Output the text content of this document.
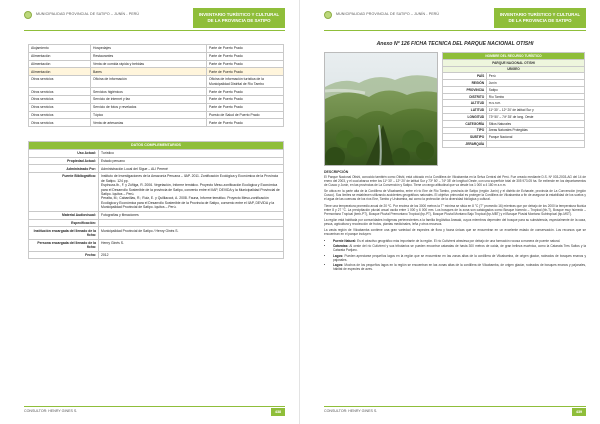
MUNICIPALIDAD PROVINCIAL DE SATIPO – JUNÍN - PERÚ	INVENTARIO TURÍSTICO Y CULTURAL
DE LA PROVINCIA DE SATIPO
Alojamiento	Hospedajes	Parte de Puerto Prado
Alimentación	Restaurantes	Parte de Puerto Prado
Alimentación	Venta de comida rápida y bebidas	Parte de Puerto Prado
Alimentación	Bares	Parte de Puerto Prado
Otros servicios	Oficina de información	Oficina de información turística de la Municipalidad Distrital de Río Tambo
Otros servicios	Servicios higiénicos	Parte de Puerto Prado
Otros servicios	Servicio de internet y fax	Parte de Puerto Prado
Otros servicios	Servicio de fotos y revelados	Parte de Puerto Prado
Otros servicios	Tópico	Puesto de Salud de Puerto Prado
Otros servicios	Venta de artesanías	Parte de Puerto Prado
DATOS COMPLEMENTARIOS	
Uso Actual:	Turístico
Propiedad Actual:	Estado peruano
Administrado Por:	Administración Local del Sigue – ALI Perené
Fuente Bibliográfica:	Instituto de Investigaciones de la Amazonía Peruana – IIAP. 2011. Zonificación Ecológica y Económica de la Provincia de Satipo. 124 pp.
Espinoza-Ib., F. y Zúñiga, R. 2006. Vegetación, Informe temático. Proyecto Meso-zonificación Ecológica y Económica para el Desarrollo Sostenible de la provincia de Satipo, convenio entre el IIAP, DEVIDA y la Municipalidad Provincial de Satipo. Iquitos – Perú.
Peralta, M.; Cabanillas, R.; Ruiz, E. y Quilliaccot, A. 2008. Fauna, Informe temático. Proyecto Meso-zonificación Ecológica y Económica para el Desarrollo Sostenible de la Provincia de Satipo, convenio entre el IIAP, DEVIDA y la Municipalidad Provincial de Satipo. Iquitos – Perú.
Material Audiovisual:	Fotografías y filmaciones
Especificación:	
Institución encargada del llenado de la ficha:	Municipalidad Provincial de Satipo / Henry Ginés S.
Persona encargada del llenado de la ficha:	Henry Ginés S.
Fecha:	2012
CONSULTOR: HENRY GINES S.	438
MUNICIPALIDAD PROVINCIAL DE SATIPO – JUNÍN - PERÚ	INVENTARIO TURÍSTICO Y CULTURAL
DE LA PROVINCIA DE SATIPO
Anexo Nº 126 FICHA TECNICA DEL PARQUE NACIONAL OTISHI
NOMBRE DEL RECURSO TURÍSTICO	
PARQUE NACIONAL OTISHI	
UBIGEO	
PAÍS	Perú
REGIÓN	Junín
PROVINCIA	Satipo
DISTRITO	Río Tambo
ALTITUD	m.s.n.m.
LATITUD	11º 30' – 12º 20' de latitud Sur y
LONGITUD	73º 50' – 74º 35' de long. Oeste
CATEGORÍA	Sitios Naturales
TIPO	Áreas Naturales Protegidas
SUBTIPO	Parque Nacional
JERARQUÍA	
DESCRIPCIÓN

El Parque Nacional Otishi, conocido también como Otishi, está ubicado en la Cordillera de Vilcabamba en la Selva Central del Perú. Fue creado mediante D.S. Nº 003-2003-AG del 14 de enero del 2003, y el cual abarca entre los 11º 30' – 12º 20' de latitud Sur y 73º 50' – 74º 35' de longitud Oeste, con una superficie total de 305 973.05 ha. Se extiende en los departamentos de Cusco y Junín, en las provincias de La Convención y Satipo. Tiene un rango altitudinal que va desde los 1 000 a 4 180 m.s.n.m.

Se ubica en la parte alta de la Cordillera de Vilcabamba, entre el río Ene de Río Tambo, provincia de Satipo (región Junín) y el distrito de Echarate, provincia de La Convención (región Cusco). Sus límites se establecen utilizando accidentes geográficos naturales. El objetivo primordial es proteger la Cordillera de Vilcabamba a fin de asegurar la estabilidad de los suelos y el agua de las cuencas de los ríos Ene, Tambo y Urubamba, así como la protección de la diversidad biológica y cultural.

Tiene una temperatura promedio anual de 20 ºC. Por encima de los 3000 metros la T° mínima se sitúa en 8 °C (T° promedio 16) mientras que por debajo de los 2000 la temperatura fluctúa entre 8 y 27 °C. La precipitación pluvial anual oscila entre 1 000 y 6 000 mm. Los bosques de la zona son catalogados como Bosque húmedo – Tropical (bh-T), Bosque muy húmedo – Premontano Tropical (bmh-PT), Bosque Pluvial Premontano Tropical (bp-PT), Bosque Pluvial Montano Bajo Tropical (bp-MBT) y el Bosque Pluvial Montano Subtropical (bp-MST).

La región está habitada por comunidades indígenas pertenecientes a la familia lingüística Arawak, cuyos miembros dependen del bosque para su subsistencia, especialmente de la caza, pesca, agricultura y recolección de frutos, plantas medicinales, leña y otros recursos.

La vasta región de Vilcabamba contiene una gran variedad de especies de flora y fauna únicas que se encuentran en un excelente estado de conservación. Los recursos que se encuentran en el parque incluyen:

• Puente Natural: Es el atractivo geográfico más importante de la región. El río Cutivireni atraviesa por debajo de una formación rocosa a manera de puente natural.
• Cataratas: Al oeste del río Cutivireni y sus tributarios se pueden encontrar cataratas de hasta 300 metros de caída, de gran belleza escénica, como la Catarata Tres Saltos y la Catarata Parijaro.
• Lagos: Pueden apreciarse pequeños lagos en la región que se encuentran en las zonas altas de la cordillera de Vilcabamba, de origen glaciar, rodeados de bosques enanos y pajonales.
• Lagos: Muchos de los pequeños lagos en la región se encuentran en las zonas altas de la cordillera de Vilcabamba, de origen glaciar, rodeados de bosques enanos y pajonales, hábitat de especies de aves.
CONSULTOR: HENRY GINES S.	439
